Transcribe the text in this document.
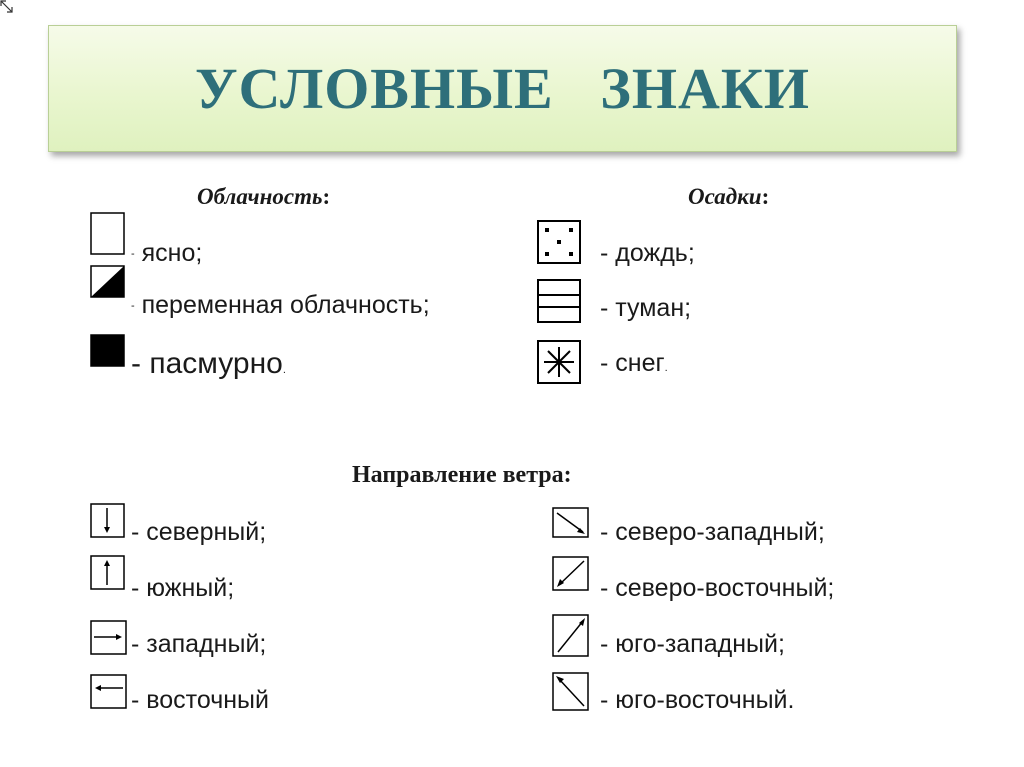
УСЛОВНЫЕ   ЗНАКИ
Облачность:	Осадки:
- ясно;
- переменная облачность;
- пасмурно.
- дождь;
- туман;
- снег.
Направление ветра:
- северный;
- южный;
- западный;
- восточный
- северо-западный;
- северо-восточный;
- юго-западный;
- юго-восточный.
